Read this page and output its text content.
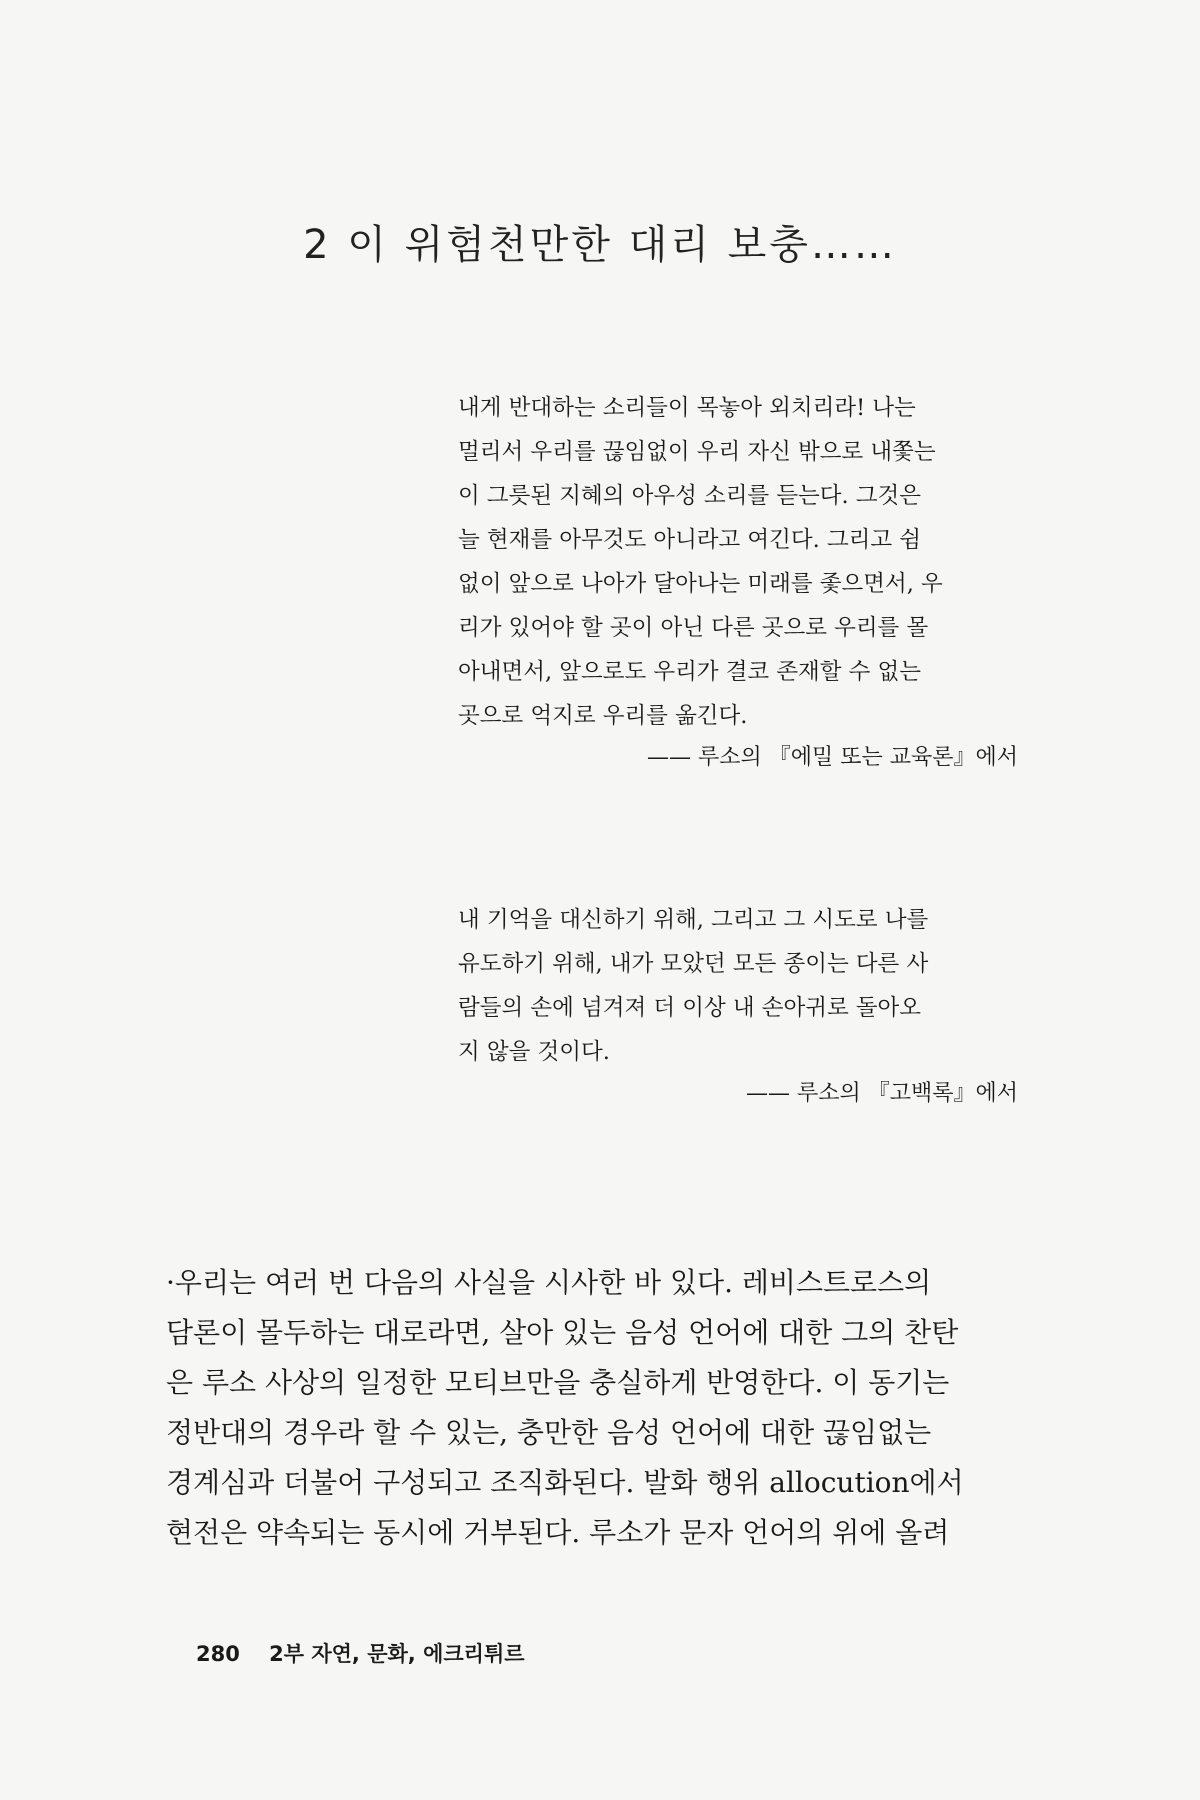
2 이 위험천만한 대리 보충……

내게 반대하는 소리들이 목놓아 외치리라! 나는
멀리서 우리를 끊임없이 우리 자신 밖으로 내쫓는
이 그릇된 지혜의 아우성 소리를 듣는다. 그것은
늘 현재를 아무것도 아니라고 여긴다. 그리고 쉼
없이 앞으로 나아가 달아나는 미래를 좇으면서, 우
리가 있어야 할 곳이 아닌 다른 곳으로 우리를 몰
아내면서, 앞으로도 우리가 결코 존재할 수 없는
곳으로 억지로 우리를 옮긴다.

—— 루소의 『에밀 또는 교육론』에서

내 기억을 대신하기 위해, 그리고 그 시도로 나를
유도하기 위해, 내가 모았던 모든 종이는 다른 사
람들의 손에 넘겨져 더 이상 내 손아귀로 돌아오
지 않을 것이다.

—— 루소의 『고백록』에서
·우리는 여러 번 다음의 사실을 시사한 바 있다. 레비스트로스의
담론이 몰두하는 대로라면, 살아 있는 음성 언어에 대한 그의 찬탄
은 루소 사상의 일정한 모티브만을 충실하게 반영한다. 이 동기는
정반대의 경우라 할 수 있는, 충만한 음성 언어에 대한 끊임없는
경계심과 더불어 구성되고 조직화된다. 발화 행위 allocution에서
현전은 약속되는 동시에 거부된다. 루소가 문자 언어의 위에 올려
280 2부 자연, 문화, 에크리튀르
